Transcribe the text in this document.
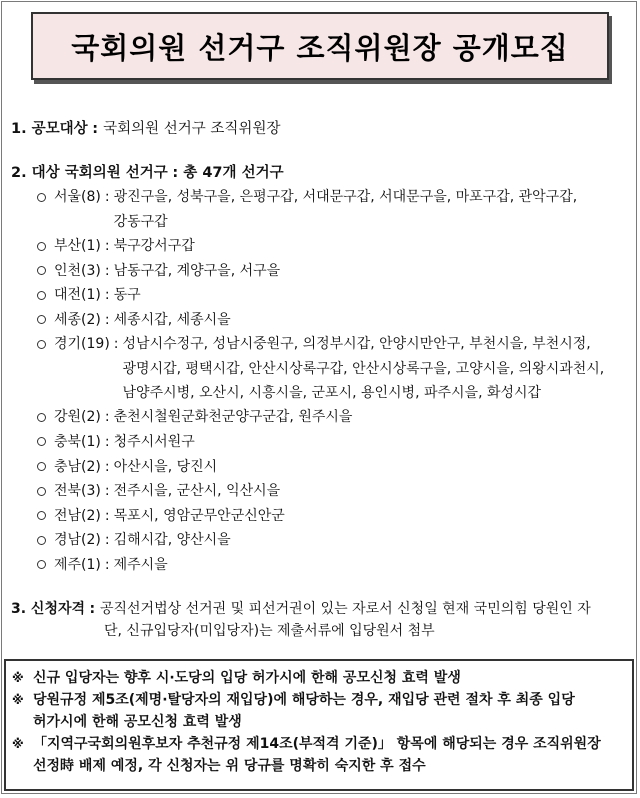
국회의원 선거구 조직위원장 공개모집
1. 공모대상 : 국회의원 선거구 조직위원장
2. 대상 국회의원 선거구 : 총 47개 선거구
서울(8) : 광진구을, 성북구을, 은평구갑, 서대문구갑, 서대문구을, 마포구갑, 관악구갑,
강동구갑
부산(1) : 북구강서구갑
인천(3) : 남동구갑, 계양구을, 서구을
대전(1) : 동구
세종(2) : 세종시갑, 세종시을
경기(19) : 성남시수정구, 성남시중원구, 의정부시갑, 안양시만안구, 부천시을, 부천시정,
광명시갑, 평택시갑, 안산시상록구갑, 안산시상록구을, 고양시을, 의왕시과천시,
남양주시병, 오산시, 시흥시을, 군포시, 용인시병, 파주시을, 화성시갑
강원(2) : 춘천시철원군화천군양구군갑, 원주시을
충북(1) : 청주시서원구
충남(2) : 아산시을, 당진시
전북(3) : 전주시을, 군산시, 익산시을
전남(2) : 목포시, 영암군무안군신안군
경남(2) : 김해시갑, 양산시을
제주(1) : 제주시을
3. 신청자격 : 공직선거법상 선거권 및 피선거권이 있는 자로서 신청일 현재 국민의힘 당원인 자
단, 신규입당자(미입당자)는 제출서류에 입당원서 첨부
※ 신규 입당자는 향후 시·도당의 입당 허가시에 한해 공모신청 효력 발생
※ 당원규정 제5조(제명·탈당자의 재입당)에 해당하는 경우, 재입당 관련 절차 후 최종 입당
허가시에 한해 공모신청 효력 발생
※ 「지역구국회의원후보자 추천규정 제14조(부적격 기준)」 항목에 해당되는 경우 조직위원장
선정時 배제 예정, 각 신청자는 위 당규를 명확히 숙지한 후 접수
